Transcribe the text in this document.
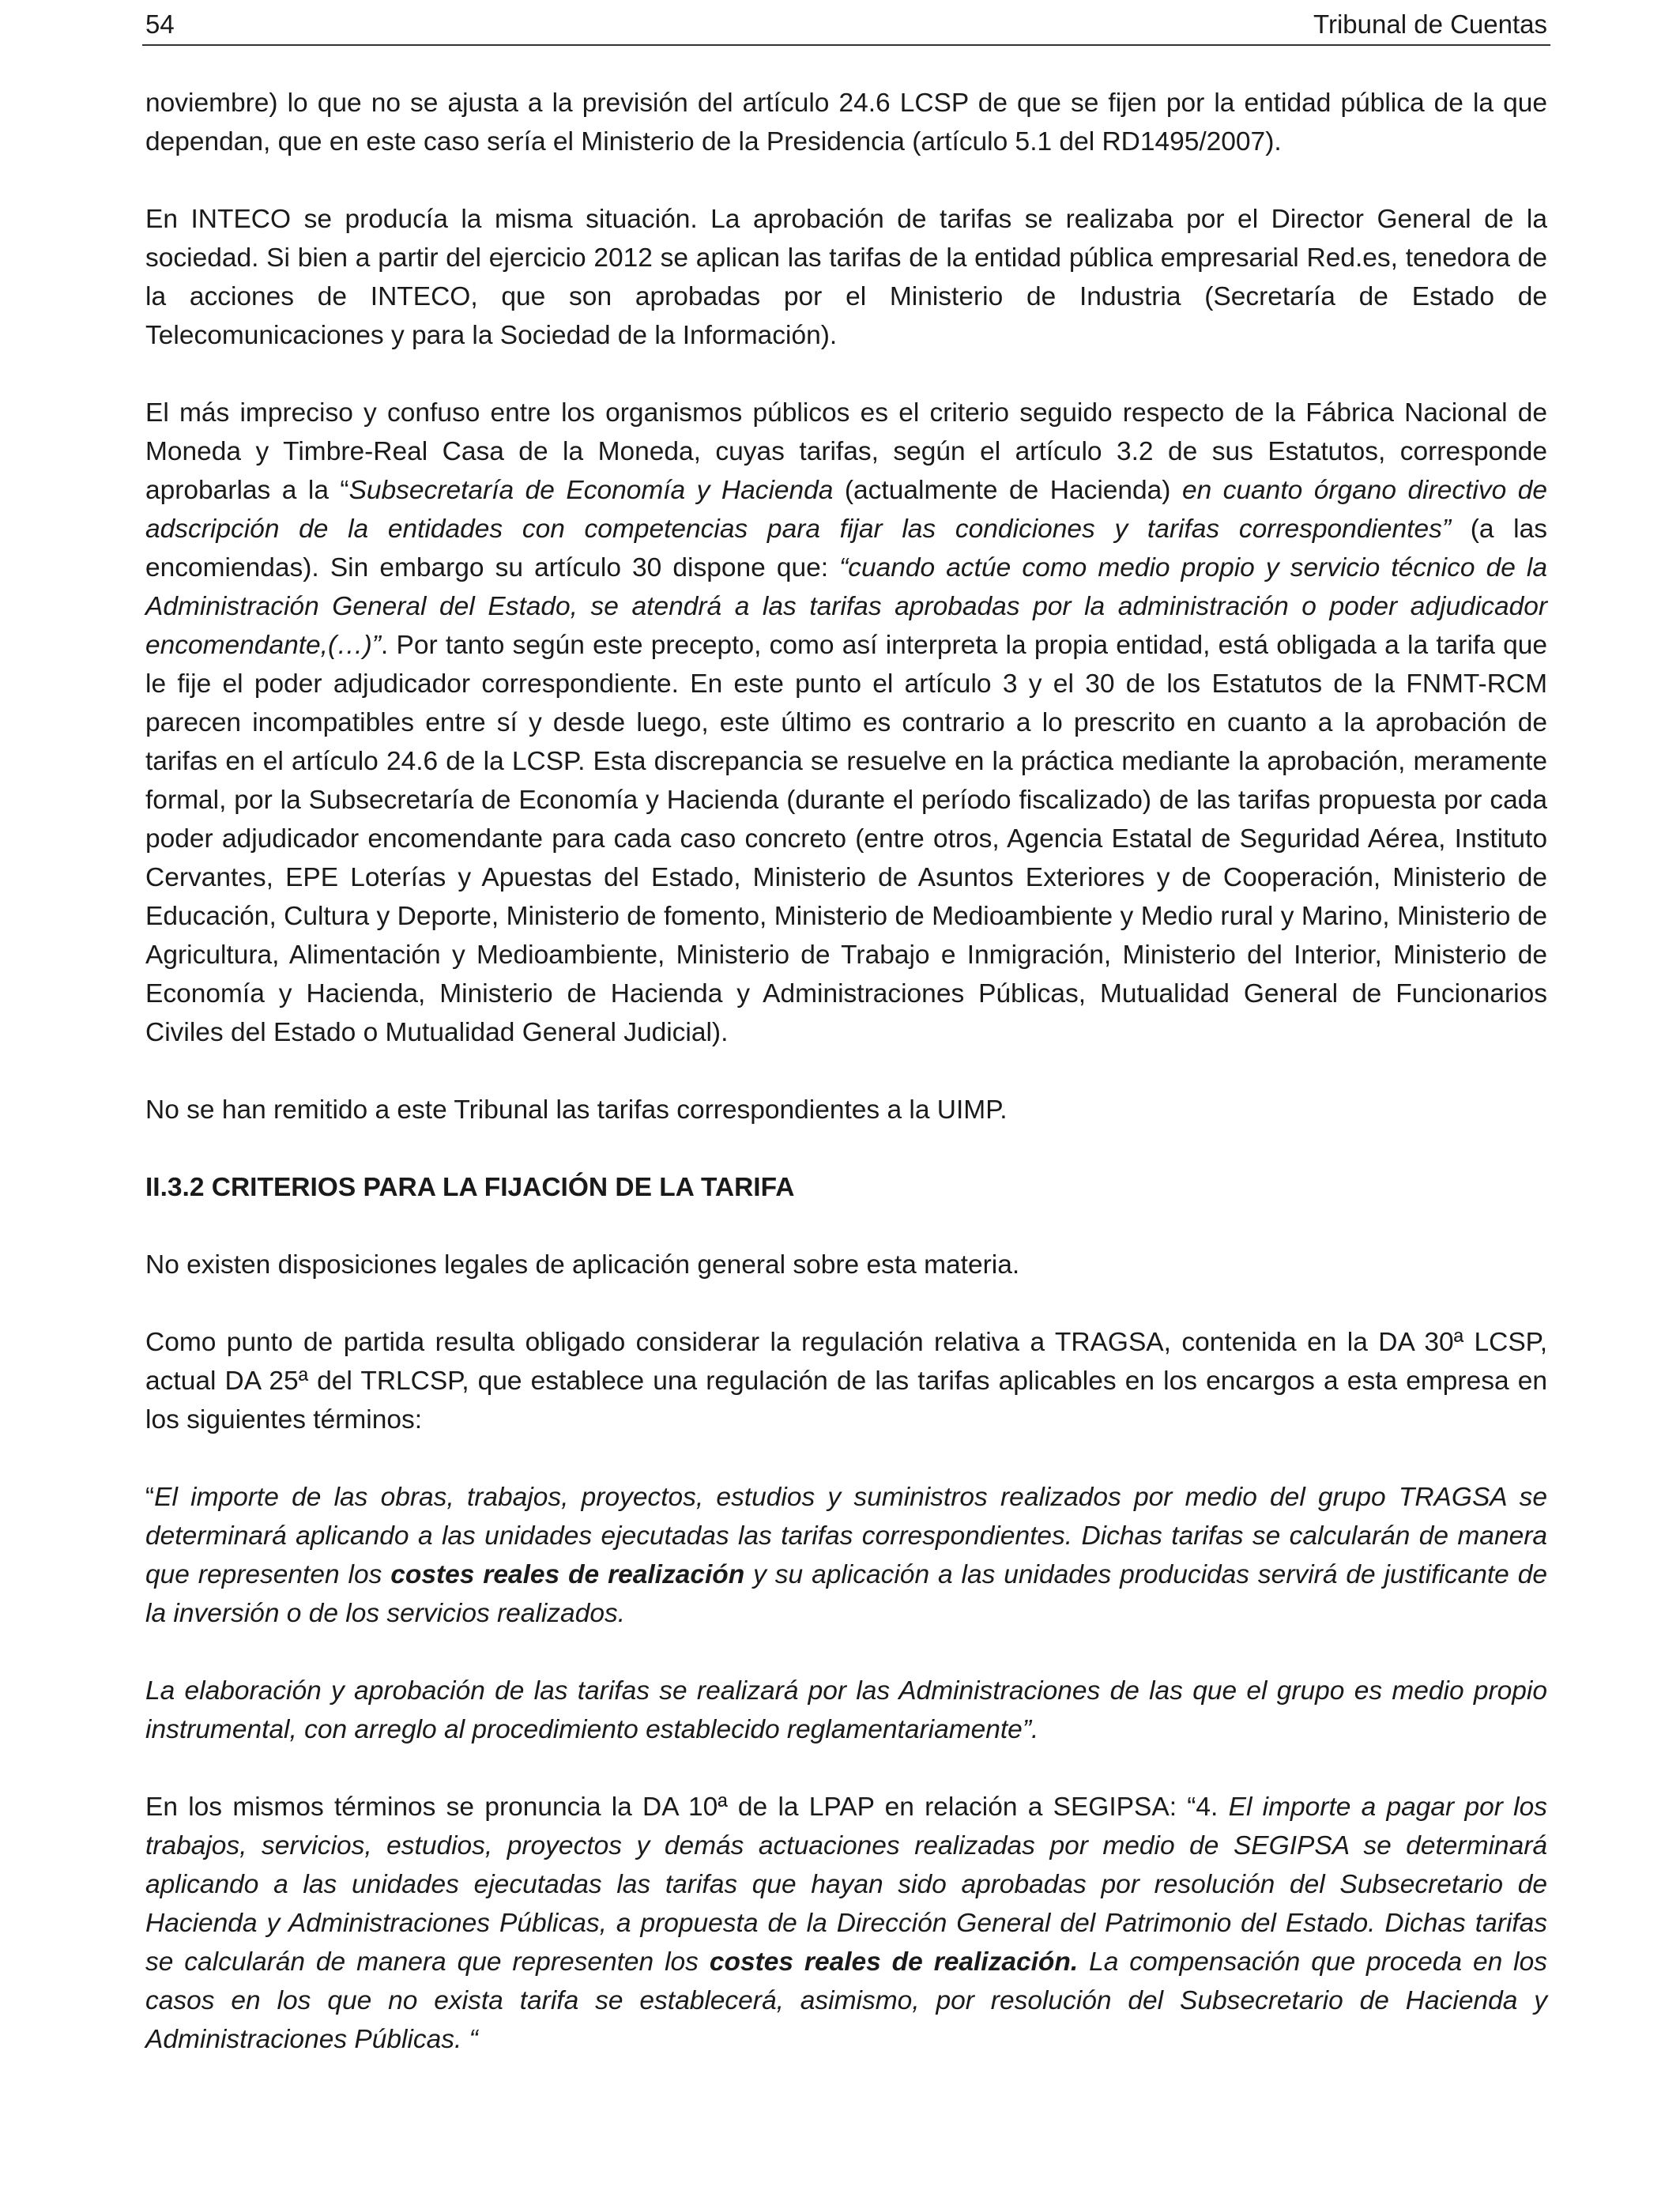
54	Tribunal de Cuentas

noviembre) lo que no se ajusta a la previsión del artículo 24.6 LCSP de que se fijen por la entidad pública de la que dependan, que en este caso sería el Ministerio de la Presidencia (artículo 5.1 del RD1495/2007).

En INTECO se producía la misma situación. La aprobación de tarifas se realizaba por el Director General de la sociedad. Si bien a partir del ejercicio 2012 se aplican las tarifas de la entidad pública empresarial Red.es, tenedora de la acciones de INTECO, que son aprobadas por el Ministerio de Industria (Secretaría de Estado de Telecomunicaciones y para la Sociedad de la Información).

El más impreciso y confuso entre los organismos públicos es el criterio seguido respecto de la Fábrica Nacional de Moneda y Timbre-Real Casa de la Moneda, cuyas tarifas, según el artículo 3.2 de sus Estatutos, corresponde aprobarlas a la “Subsecretaría de Economía y Hacienda (actualmente de Hacienda) en cuanto órgano directivo de adscripción de la entidades con competencias para fijar las condiciones y tarifas correspondientes” (a las encomiendas). Sin embargo su artículo 30 dispone que: “cuando actúe como medio propio y servicio técnico de la Administración General del Estado, se atendrá a las tarifas aprobadas por la administración o poder adjudicador encomendante,(…)”. Por tanto según este precepto, como así interpreta la propia entidad, está obligada a la tarifa que le fije el poder adjudicador correspondiente. En este punto el artículo 3 y el 30 de los Estatutos de la FNMT-RCM parecen incompatibles entre sí y desde luego, este último es contrario a lo prescrito en cuanto a la aprobación de tarifas en el artículo 24.6 de la LCSP. Esta discrepancia se resuelve en la práctica mediante la aprobación, meramente formal, por la Subsecretaría de Economía y Hacienda (durante el período fiscalizado) de las tarifas propuesta por cada poder adjudicador encomendante para cada caso concreto (entre otros, Agencia Estatal de Seguridad Aérea, Instituto Cervantes, EPE Loterías y Apuestas del Estado, Ministerio de Asuntos Exteriores y de Cooperación, Ministerio de Educación, Cultura y Deporte, Ministerio de fomento, Ministerio de Medioambiente y Medio rural y Marino, Ministerio de Agricultura, Alimentación y Medioambiente, Ministerio de Trabajo e Inmigración, Ministerio del Interior, Ministerio de Economía y Hacienda, Ministerio de Hacienda y Administraciones Públicas, Mutualidad General de Funcionarios Civiles del Estado o Mutualidad General Judicial).

No se han remitido a este Tribunal las tarifas correspondientes a la UIMP.

II.3.2 CRITERIOS PARA LA FIJACIÓN DE LA TARIFA

No existen disposiciones legales de aplicación general sobre esta materia.

Como punto de partida resulta obligado considerar la regulación relativa a TRAGSA, contenida en la DA 30ª LCSP, actual DA 25ª del TRLCSP, que establece una regulación de las tarifas aplicables en los encargos a esta empresa en los siguientes términos:

“El importe de las obras, trabajos, proyectos, estudios y suministros realizados por medio del grupo TRAGSA se determinará aplicando a las unidades ejecutadas las tarifas correspondientes. Dichas tarifas se calcularán de manera que representen los costes reales de realización y su aplicación a las unidades producidas servirá de justificante de la inversión o de los servicios realizados.

La elaboración y aprobación de las tarifas se realizará por las Administraciones de las que el grupo es medio propio instrumental, con arreglo al procedimiento establecido reglamentariamente”.

En los mismos términos se pronuncia la DA 10ª de la LPAP en relación a SEGIPSA: “4. El importe a pagar por los trabajos, servicios, estudios, proyectos y demás actuaciones realizadas por medio de SEGIPSA se determinará aplicando a las unidades ejecutadas las tarifas que hayan sido aprobadas por resolución del Subsecretario de Hacienda y Administraciones Públicas, a propuesta de la Dirección General del Patrimonio del Estado. Dichas tarifas se calcularán de manera que representen los costes reales de realización. La compensación que proceda en los casos en los que no exista tarifa se establecerá, asimismo, por resolución del Subsecretario de Hacienda y Administraciones Públicas. “
